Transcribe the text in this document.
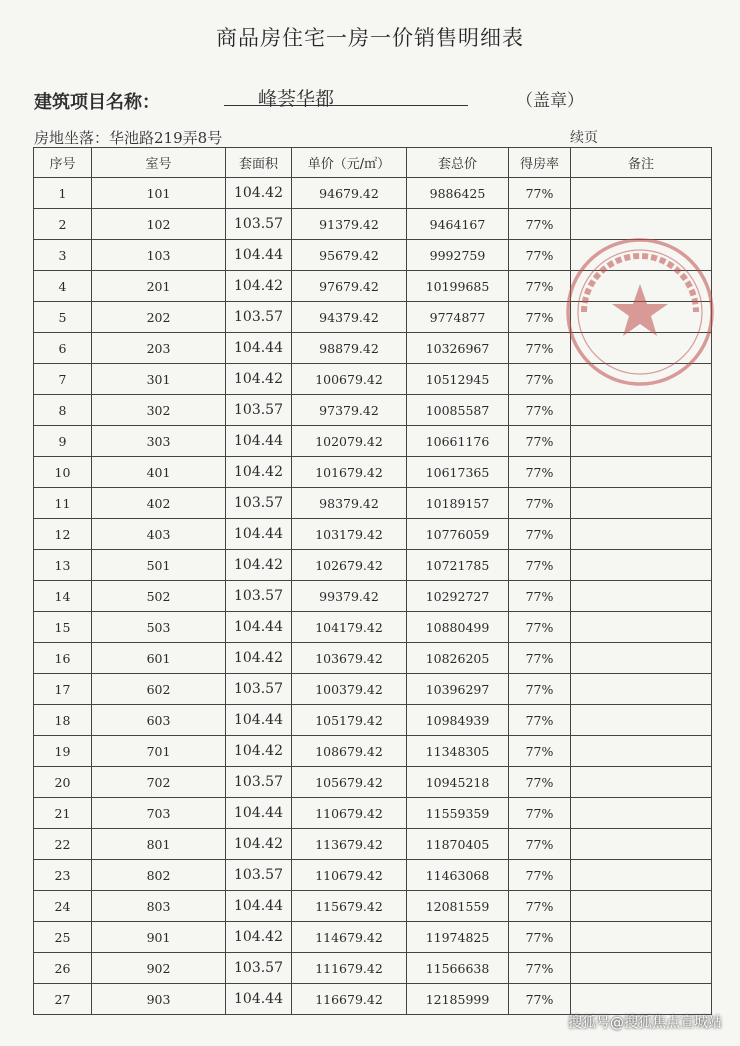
商品房住宅一房一价销售明细表
建筑项目名称：	峰荟华都	（盖章）
房地坐落：华池路219弄8号	续页
序号	室号	套面积	单价（元/㎡）	套总价	得房率	备注
1	101	104.42	94679.42	9886425	77%	
2	102	103.57	91379.42	9464167	77%	
3	103	104.44	95679.42	9992759	77%	
4	201	104.42	97679.42	10199685	77%	
5	202	103.57	94379.42	9774877	77%	
6	203	104.44	98879.42	10326967	77%	
7	301	104.42	100679.42	10512945	77%	
8	302	103.57	97379.42	10085587	77%	
9	303	104.44	102079.42	10661176	77%	
10	401	104.42	101679.42	10617365	77%	
11	402	103.57	98379.42	10189157	77%	
12	403	104.44	103179.42	10776059	77%	
13	501	104.42	102679.42	10721785	77%	
14	502	103.57	99379.42	10292727	77%	
15	503	104.44	104179.42	10880499	77%	
16	601	104.42	103679.42	10826205	77%	
17	602	103.57	100379.42	10396297	77%	
18	603	104.44	105179.42	10984939	77%	
19	701	104.42	108679.42	11348305	77%	
20	702	103.57	105679.42	10945218	77%	
21	703	104.44	110679.42	11559359	77%	
22	801	104.42	113679.42	11870405	77%	
23	802	103.57	110679.42	11463068	77%	
24	803	104.44	115679.42	12081559	77%	
25	901	104.42	114679.42	11974825	77%	
26	902	103.57	111679.42	11566638	77%	
27	903	104.44	116679.42	12185999	77%	
搜狐号@搜狐焦点宣城站
